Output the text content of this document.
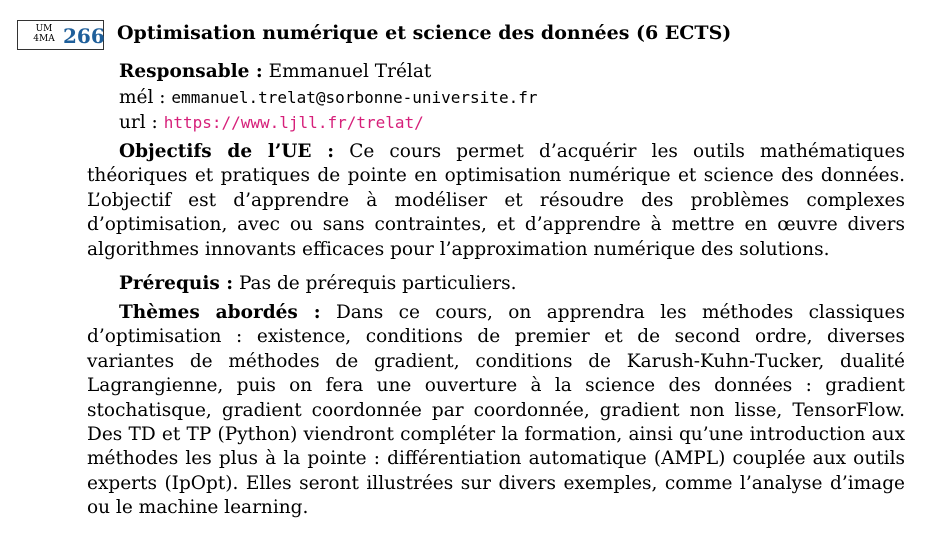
UM
4MA 266 Optimisation numérique et science des données (6 ECTS)
Responsable : Emmanuel Trélat
mél : emmanuel.trelat@sorbonne-universite.fr
url : https://www.ljll.fr/trelat/
Objectifs de l’UE : Ce cours permet d’acquérir les outils mathématiques théoriques et pratiques de pointe en optimisation numérique et science des données. L’objectif est d’apprendre à modéliser et résoudre des problèmes complexes d’optimisation, avec ou sans contraintes, et d’apprendre à mettre en œuvre divers algorithmes innovants efficaces pour l’approximation numérique des solutions.
Prérequis : Pas de prérequis particuliers.
Thèmes abordés : Dans ce cours, on apprendra les méthodes classiques d’optimisation : existence, conditions de premier et de second ordre, diverses variantes de méthodes de gradient, conditions de Karush-Kuhn-Tucker, dualité Lagrangienne, puis on fera une ouverture à la science des données : gradient stochatisque, gradient coordonnée par coordonnée, gradient non lisse, TensorFlow. Des TD et TP (Python) viendront compléter la formation, ainsi qu’une introduction aux méthodes les plus à la pointe : différentiation automatique (AMPL) couplée aux outils experts (IpOpt). Elles seront illustrées sur divers exemples, comme l’analyse d’image ou le machine learning.
